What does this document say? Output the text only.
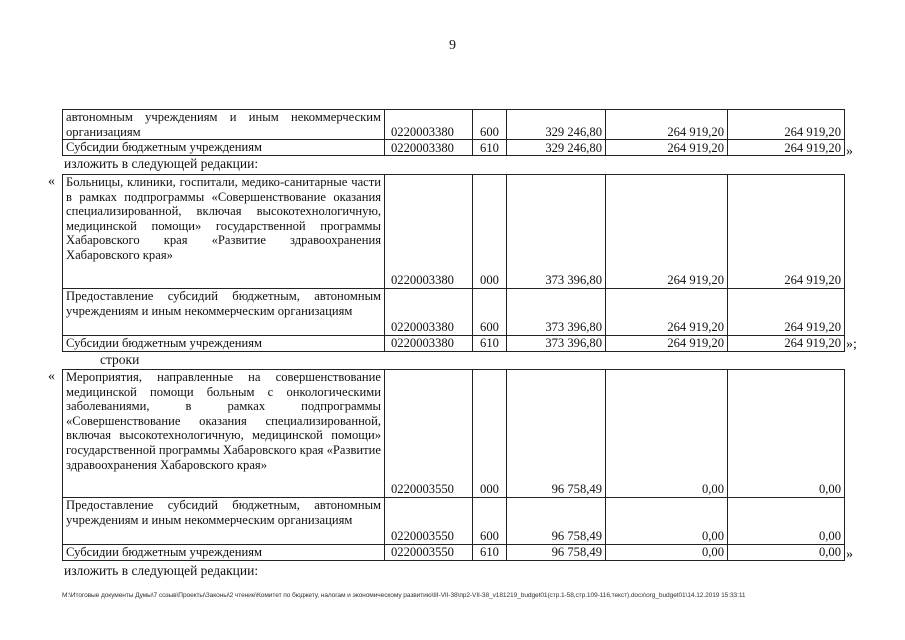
9
автономным учреждениям и иным некоммерческим организациям	0220003380	600	329 246,80	264 919,20	264 919,20
Субсидии бюджетным учреждениям	0220003380	610	329 246,80	264 919,20	264 919,20 »
изложить в следующей редакции:
« Больницы, клиники, госпитали, медико-санитарные части в рамках подпрограммы «Совершенствование оказания специализированной, включая высокотехнологичную, медицинской помощи» государственной программы Хабаровского края «Развитие здравоохранения Хабаровского края»	0220003380	000	373 396,80	264 919,20	264 919,20
Предоставление субсидий бюджетным, автономным учреждениям и иным некоммерческим организациям	0220003380	600	373 396,80	264 919,20	264 919,20
Субсидии бюджетным учреждениям	0220003380	610	373 396,80	264 919,20	264 919,20 »;
строки
« Мероприятия, направленные на совершенствование медицинской помощи больным с онкологическими заболеваниями, в рамках подпрограммы «Совершенствование оказания специализированной, включая высокотехнологичную, медицинской помощи» государственной программы Хабаровского края «Развитие здравоохранения Хабаровского края»	0220003550	000	96 758,49	0,00	0,00
Предоставление субсидий бюджетным, автономным учреждениям и иным некоммерческим организациям	0220003550	600	96 758,49	0,00	0,00
Субсидии бюджетным учреждениям	0220003550	610	96 758,49	0,00	0,00 »
изложить в следующей редакции:
M:\Итоговые документы Думы\7 созыв\Проекты\Законы\2 чтение\Комитет по бюджету, налогам и экономическому развитию\III-VII-38\пр2-VII-38_v181219_budget01(стр.1-58,стр.109-116,текст).docx\org_budget01\14.12.2019 15:33:11
